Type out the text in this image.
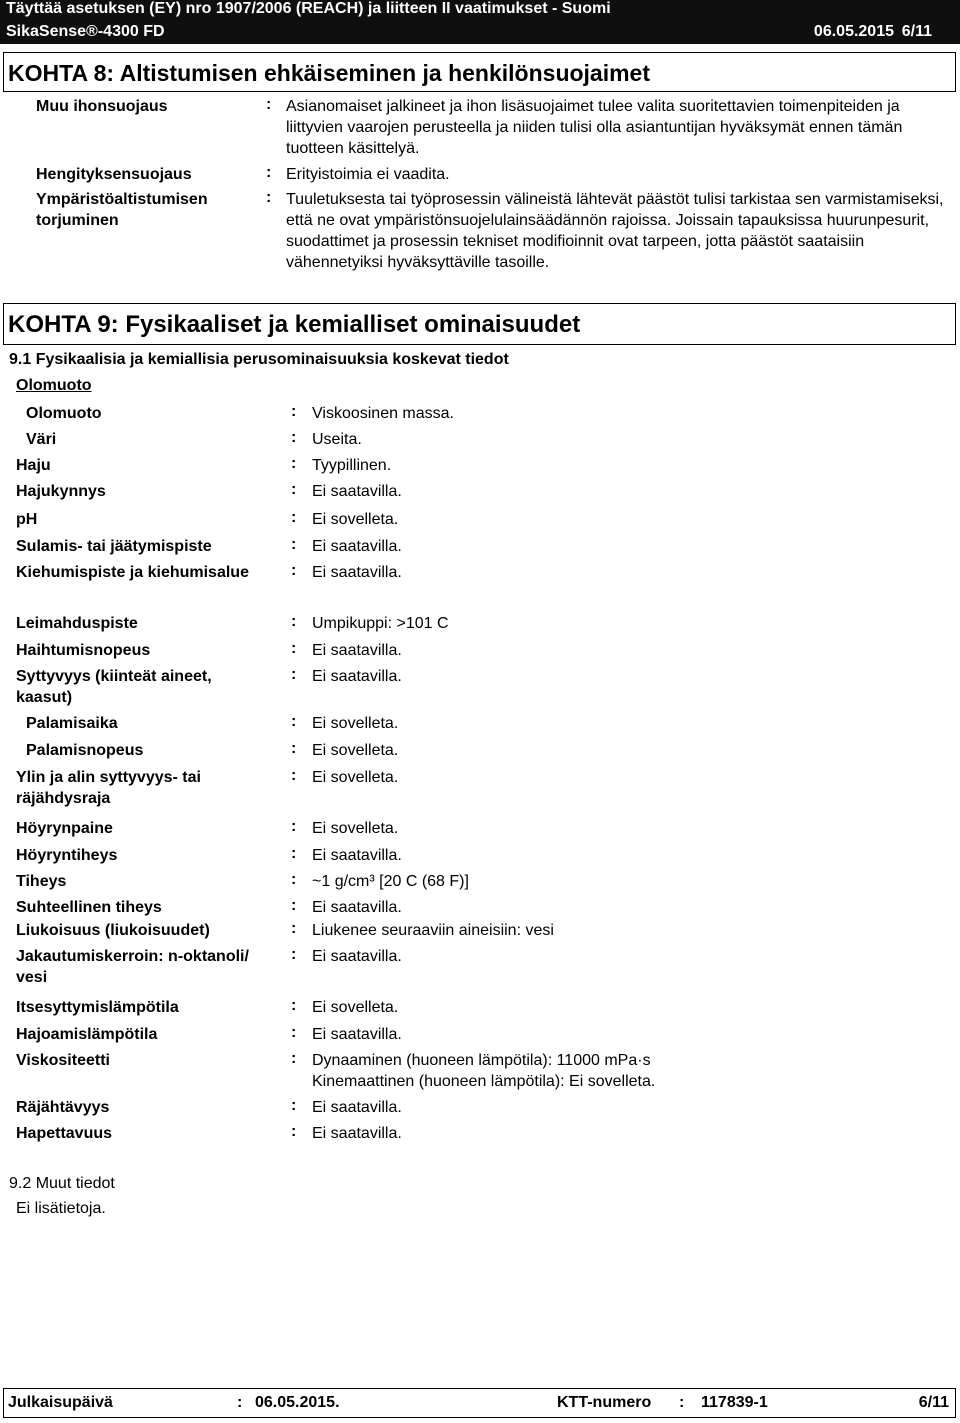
Täyttää asetuksen (EY) nro 1907/2006 (REACH) ja liitteen II vaatimukset - Suomi
SikaSense®-4300 FD	06.05.2015 6/11
KOHTA 8: Altistumisen ehkäiseminen ja henkilönsuojaimet
Muu ihonsuojaus	: Asianomaiset jalkineet ja ihon lisäsuojaimet tulee valita suoritettavien toimenpiteiden ja liittyvien vaarojen perusteella ja niiden tulisi olla asiantuntijan hyväksymät ennen tämän tuotteen käsittelyä.
Hengityksensuojaus	: Erityistoimia ei vaadita.
Ympäristöaltistumisen torjuminen
: Tuuletuksesta tai työprosessin välineistä lähtevät päästöt tulisi tarkistaa sen varmistamiseksi, että ne ovat ympäristönsuojelulainsäädännön rajoissa. Joissain tapauksissa huurunpesurit, suodattimet ja prosessin tekniset modifioinnit ovat tarpeen, jotta päästöt saataisiin vähennetyiksi hyväksyttäville tasoille.
KOHTA 9: Fysikaaliset ja kemialliset ominaisuudet
9.1 Fysikaalisia ja kemiallisia perusominaisuuksia koskevat tiedot
Olomuoto
Olomuoto	: Viskoosinen massa.
Väri	: Useita.
Haju	: Tyypillinen.
Hajukynnys	: Ei saatavilla.
pH	: Ei sovelleta.
Sulamis- tai jäätymispiste	: Ei saatavilla.
Kiehumispiste ja kiehumisalue	: Ei saatavilla.
Leimahduspiste	: Umpikuppi: >101 C
Haihtumisnopeus	: Ei saatavilla.
Syttyvyys (kiinteät aineet, kaasut)
: Ei saatavilla.
Palamisaika	: Ei sovelleta.
Palamisnopeus	: Ei sovelleta.
Ylin ja alin syttyvyys- tai räjähdysraja
: Ei sovelleta.
Höyrynpaine	: Ei sovelleta.
Höyryntiheys	: Ei saatavilla.
Tiheys	: ~1 g/cm³ [20 C (68 F)]
Suhteellinen tiheys	: Ei saatavilla.
Liukoisuus (liukoisuudet)	: Liukenee seuraaviin aineisiin: vesi
Jakautumiskerroin: n-oktanoli/ vesi
: Ei saatavilla.
Itsesyttymislämpötila	: Ei sovelleta.
Hajoamislämpötila	: Ei saatavilla.
Viskositeetti	: Dynaaminen (huoneen lämpötila): 11000 mPa·s
Kinemaattinen (huoneen lämpötila): Ei sovelleta.
Räjähtävyys	: Ei saatavilla.
Hapettavuus	: Ei saatavilla.
9.2 Muut tiedot
Ei lisätietoja.
Julkaisupäivä	: 06.05.2015.	KTT-numero : 117839-1	6/11
